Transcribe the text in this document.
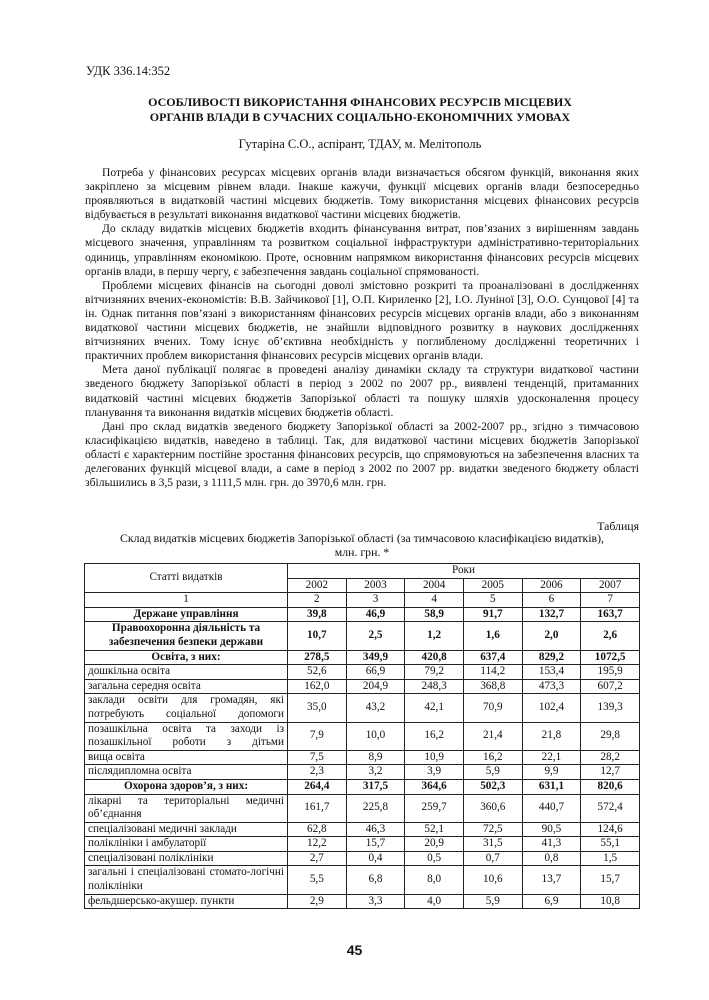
УДК 336.14:352
ОСОБЛИВОСТІ ВИКОРИСТАННЯ ФІНАНСОВИХ РЕСУРСІВ МІСЦЕВИХ
ОРГАНІВ ВЛАДИ В СУЧАСНИХ СОЦІАЛЬНО-ЕКОНОМІЧНИХ УМОВАХ
Гутаріна С.О., аспірант, ТДАУ, м. Мелітополь

Потреба у фінансових ресурсах місцевих органів влади визначається обсягом функцій, виконання яких закріплено за місцевим рівнем влади. Інакше кажучи, функції місцевих органів влади безпосередньо проявляються в видатковій частині місцевих бюджетів. Тому використання місцевих фінансових ресурсів відбувається в результаті виконання видаткової частини місцевих бюджетів.

До складу видатків місцевих бюджетів входить фінансування витрат, пов’язаних з вирішенням завдань місцевого значення, управлінням та розвитком соціальної інфраструктури адміністративно-територіальних одиниць, управлінням економікою. Проте, основним напрямком використання фінансових ресурсів місцевих органів влади, в першу чергу, є забезпечення завдань соціальної спрямованості.

Проблеми місцевих фінансів на сьогодні доволі змістовно розкриті та проаналізовані в дослідженнях вітчизняних вчених-економістів: В.В. Зайчикової [1], О.П. Кириленко [2], І.О. Луніної [3], О.О. Сунцової [4] та ін. Однак питання пов’язані з використанням фінансових ресурсів місцевих органів влади, або з виконанням видаткової частини місцевих бюджетів, не знайшли відповідного розвитку в наукових дослідженнях вітчизняних вчених. Тому існує об’єктивна необхідність у поглибленому дослідженні теоретичних і практичних проблем використання фінансових ресурсів місцевих органів влади.

Мета даної публікації полягає в проведені аналізу динаміки складу та структури видаткової частини зведеного бюджету Запорізької області в період з 2002 по 2007 рр., виявлені тенденцій, притаманних видатковій частині місцевих бюджетів Запорізької області та пошуку шляхів удосконалення процесу планування та виконання видатків місцевих бюджетів області.

Дані про склад видатків зведеного бюджету Запорізької області за 2002-2007 рр., згідно з тимчасовою класифікацією видатків, наведено в таблиці. Так, для видаткової частини місцевих бюджетів Запорізької області є характерним постійне зростання фінансових ресурсів, що спрямовуються на забезпечення власних та делегованих функцій місцевої влади, а саме в період з 2002 по 2007 рр. видатки зведеного бюджету області збільшились в 3,5 рази, з 1111,5 млн. грн. до 3970,6 млн. грн.

Таблиця
Склад видатків місцевих бюджетів Запорізької області (за тимчасовою класифікацією видатків),
млн. грн. *
Статті видатків	Роки					
	2002	2003	2004	2005	2006	2007
1	2	3	4	5	6	7
Держане управління	39,8	46,9	58,9	91,7	132,7	163,7
Правоохоронна діяльність та забезпечення безпеки держави	10,7	2,5	1,2	1,6	2,0	2,6
Освіта, з них:	278,5	349,9	420,8	637,4	829,2	1072,5
дошкільна освіта	52,6	66,9	79,2	114,2	153,4	195,9
загальна середня освіта	162,0	204,9	248,3	368,8	473,3	607,2
заклади освіти для громадян, які потребують соціальної допомоги	35,0	43,2	42,1	70,9	102,4	139,3
позашкільна освіта та заходи із позашкільної роботи з дітьми	7,9	10,0	16,2	21,4	21,8	29,8
вища освіта	7,5	8,9	10,9	16,2	22,1	28,2
післядипломна освіта	2,3	3,2	3,9	5,9	9,9	12,7
Охорона здоров’я, з них:	264,4	317,5	364,6	502,3	631,1	820,6
лікарні та територіальні медичні об’єднання	161,7	225,8	259,7	360,6	440,7	572,4
спеціалізовані медичні заклади	62,8	46,3	52,1	72,5	90,5	124,6
поліклініки і амбулаторії	12,2	15,7	20,9	31,5	41,3	55,1
спеціалізовані поліклініки	2,7	0,4	0,5	0,7	0,8	1,5
загальні і спеціалізовані стомато-логічні поліклініки	5,5	6,8	8,0	10,6	13,7	15,7
фельдшерсько-акушер. пункти	2,9	3,3	4,0	5,9	6,9	10,8
45
